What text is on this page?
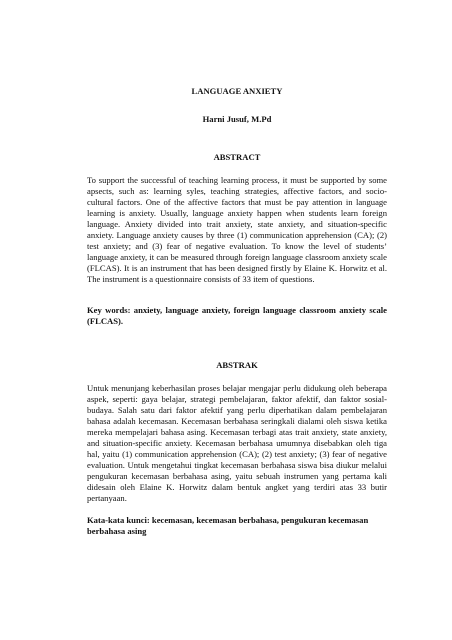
LANGUAGE ANXIETY
Harni Jusuf, M.Pd
ABSTRACT
To support the successful of teaching learning process, it must be supported by some apsects, such as: learning syles, teaching strategies, affective factors, and socio-cultural factors. One of the affective factors that must be pay attention in language learning is anxiety. Usually, language anxiety happen when students learn foreign language. Anxiety divided into trait anxiety, state anxiety, and situation-specific anxiety. Language anxiety causes by three (1) communication apprehension (CA); (2) test anxiety; and (3) fear of negative evaluation. To know the level of students’ language anxiety, it can be measured through foreign language classroom anxiety scale (FLCAS). It is an instrument that has been designed firstly by Elaine K. Horwitz et al. The instrument is a questionnaire consists of 33 item of questions.
Key words: anxiety, language anxiety, foreign language classroom anxiety scale (FLCAS).
ABSTRAK
Untuk menunjang keberhasilan proses belajar mengajar perlu didukung oleh beberapa aspek, seperti: gaya belajar, strategi pembelajaran, faktor afektif, dan faktor sosial-budaya. Salah satu dari faktor afektif yang perlu diperhatikan dalam pembelajaran bahasa adalah kecemasan. Kecemasan berbahasa seringkali dialami oleh siswa ketika mereka mempelajari bahasa asing. Kecemasan terbagi atas trait anxiety, state anxiety, and situation-specific anxiety. Kecemasan berbahasa umumnya disebabkan oleh tiga hal, yaitu (1) communication apprehension (CA); (2) test anxiety; (3) fear of negative evaluation. Untuk mengetahui tingkat kecemasan berbahasa siswa bisa diukur melalui pengukuran kecemasan berbahasa asing, yaitu sebuah instrumen yang pertama kali didesain oleh Elaine K. Horwitz dalam bentuk angket yang terdiri atas 33 butir pertanyaan.
Kata-kata kunci: kecemasan, kecemasan berbahasa, pengukuran kecemasan berbahasa asing
